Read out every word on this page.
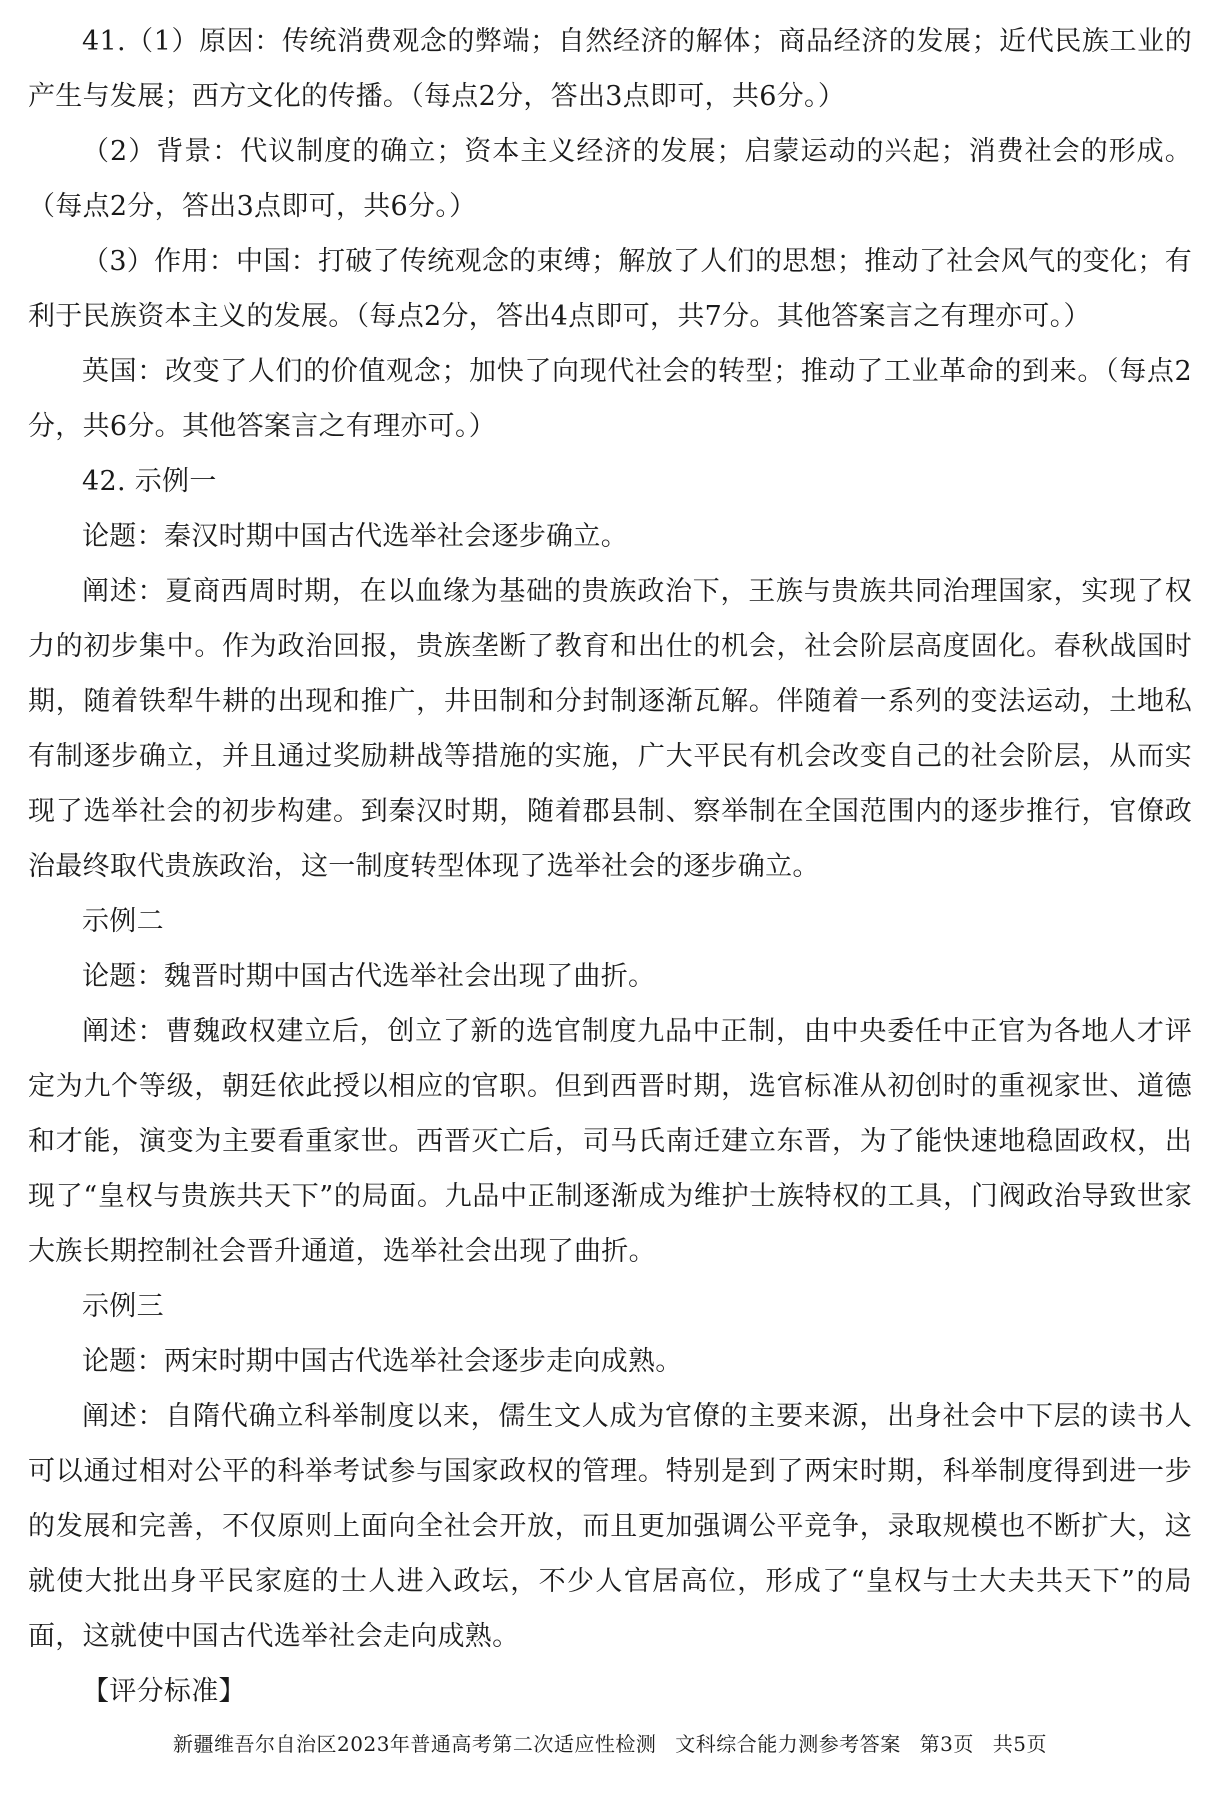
41.（1）原因：传统消费观念的弊端；自然经济的解体；商品经济的发展；近代民族工业的产生与发展；西方文化的传播。（每点2分，答出3点即可，共6分。）

（2）背景：代议制度的确立；资本主义经济的发展；启蒙运动的兴起；消费社会的形成。（每点2分，答出3点即可，共6分。）

（3）作用：中国：打破了传统观念的束缚；解放了人们的思想；推动了社会风气的变化；有利于民族资本主义的发展。（每点2分，答出4点即可，共7分。其他答案言之有理亦可。）

英国：改变了人们的价值观念；加快了向现代社会的转型；推动了工业革命的到来。（每点2分，共6分。其他答案言之有理亦可。）

42. 示例一

论题：秦汉时期中国古代选举社会逐步确立。

阐述：夏商西周时期，在以血缘为基础的贵族政治下，王族与贵族共同治理国家，实现了权力的初步集中。作为政治回报，贵族垄断了教育和出仕的机会，社会阶层高度固化。春秋战国时期，随着铁犁牛耕的出现和推广，井田制和分封制逐渐瓦解。伴随着一系列的变法运动，土地私有制逐步确立，并且通过奖励耕战等措施的实施，广大平民有机会改变自己的社会阶层，从而实现了选举社会的初步构建。到秦汉时期，随着郡县制、察举制在全国范围内的逐步推行，官僚政治最终取代贵族政治，这一制度转型体现了选举社会的逐步确立。

示例二

论题：魏晋时期中国古代选举社会出现了曲折。

阐述：曹魏政权建立后，创立了新的选官制度九品中正制，由中央委任中正官为各地人才评定为九个等级，朝廷依此授以相应的官职。但到西晋时期，选官标准从初创时的重视家世、道德和才能，演变为主要看重家世。西晋灭亡后，司马氏南迁建立东晋，为了能快速地稳固政权，出现了“皇权与贵族共天下”的局面。九品中正制逐渐成为维护士族特权的工具，门阀政治导致世家大族长期控制社会晋升通道，选举社会出现了曲折。

示例三

论题：两宋时期中国古代选举社会逐步走向成熟。

阐述：自隋代确立科举制度以来，儒生文人成为官僚的主要来源，出身社会中下层的读书人可以通过相对公平的科举考试参与国家政权的管理。特别是到了两宋时期，科举制度得到进一步的发展和完善，不仅原则上面向全社会开放，而且更加强调公平竞争，录取规模也不断扩大，这就使大批出身平民家庭的士人进入政坛，不少人官居高位，形成了“皇权与士大夫共天下”的局面，这就使中国古代选举社会走向成熟。

【评分标准】

新疆维吾尔自治区2023年普通高考第二次适应性检测 文科综合能力测参考答案 第3页 共5页
